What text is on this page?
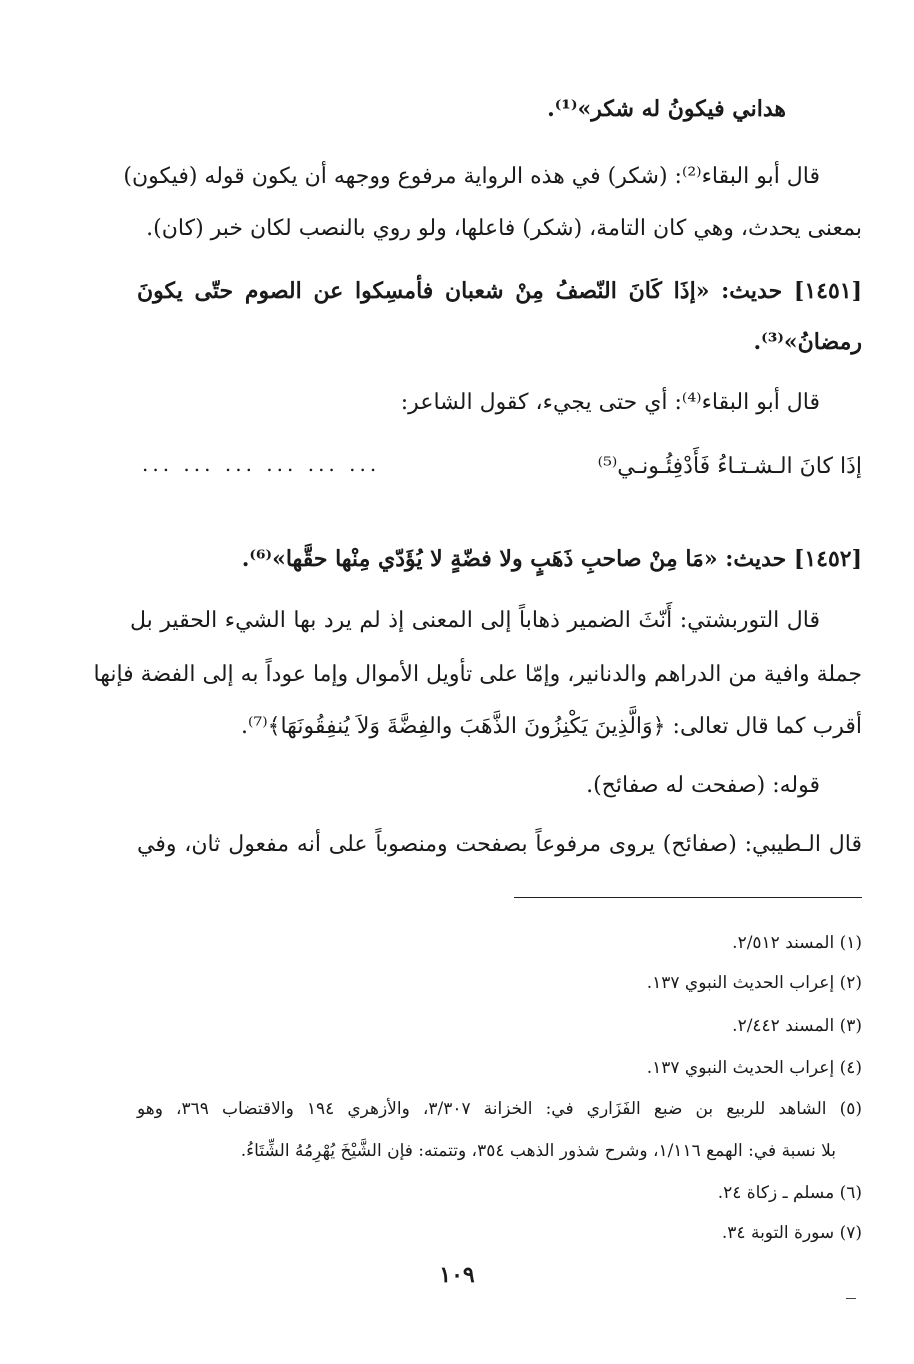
هداني فيكونُ له شكر»⁽¹⁾.
قال أبو البقاء⁽²⁾: (شكر) في هذه الرواية مرفوع ووجهه أن يكون قوله (فيكون)
بمعنى يحدث، وهي كان التامة، (شكر) فاعلها، ولو روي بالنصب لكان خبر (كان).
[١٤٥١] حديث: «إذَا كَانَ النّصفُ مِنْ شعبان فأمسِكوا عن الصوم حتّى يكونَ
رمضانُ»⁽³⁾.
قال أبو البقاء⁽⁴⁾: أي حتى يجيء، كقول الشاعر:
إذَا كانَ الـشـتـاءُ فَأَدْفِئُـونـي⁽⁵⁾
... ... ... ... ... ...
[١٤٥٢] حديث: «مَا مِنْ صاحبِ ذَهَبٍ ولا فضّةٍ لا يُؤَدّي مِنْها حقَّها»⁽⁶⁾.
قال التوربشتي: أَنّثَ الضمير ذهاباً إلى المعنى إذ لم يرد بها الشيء الحقير بل
جملة وافية من الدراهم والدنانير، وإمّا على تأويل الأموال وإما عوداً به إلى الفضة فإنها
أقرب كما قال تعالى: ﴿وَالَّذِينَ يَكْنِزُونَ الذَّهَبَ والفِضَّةَ وَلاَ يُنفِقُونَهَا﴾⁽⁷⁾.
قوله: (صفحت له صفائح).
قال الـطيبي: (صفائح) يروى مرفوعاً بصفحت ومنصوباً على أنه مفعول ثان، وفي
(١) المسند ٢/٥١٢.
(٢) إعراب الحديث النبوي ١٣٧.
(٣) المسند ٢/٤٤٢.
(٤) إعراب الحديث النبوي ١٣٧.
(٥) الشاهد للربيع بن ضبع الفَزَاري في: الخزانة ٣/٣٠٧، والأزهري ١٩٤ والاقتضاب ٣٦٩، وهو
بلا نسبة في: الهمع ١/١١٦، وشرح شذور الذهب ٣٥٤، وتتمته: فإن الشَّيْخَ يُهْرِمُهُ الشِّتَاءُ.
(٦) مسلم ـ زكاة ٢٤.
(٧) سورة التوبة ٣٤.
١٠٩
